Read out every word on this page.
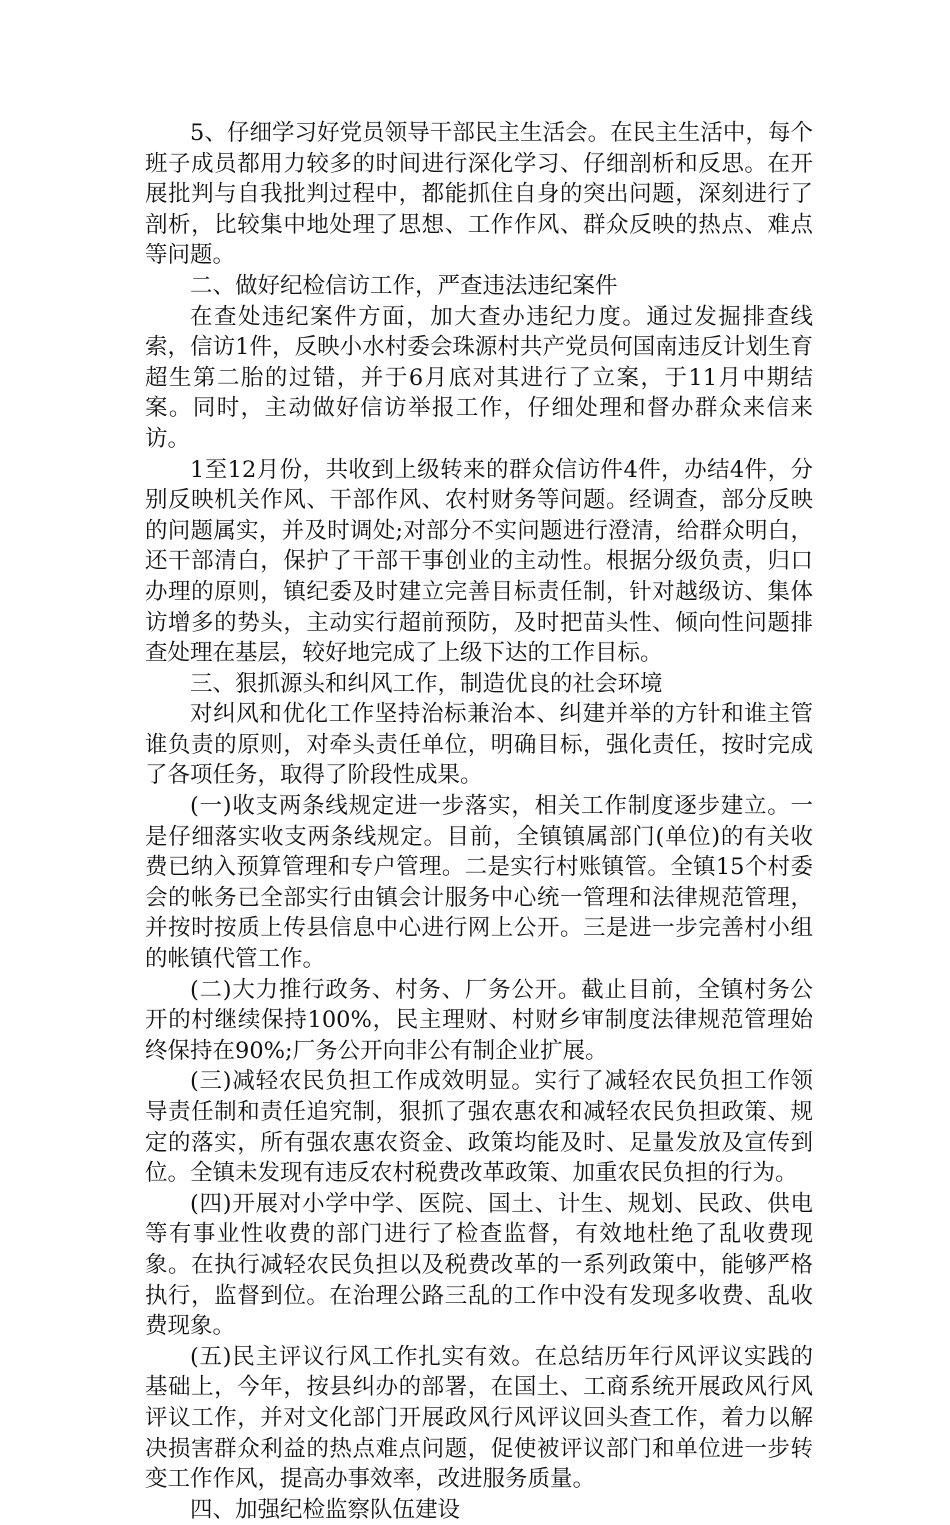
5、仔细学习好党员领导干部民主生活会。在民主生活中，每个班子成员都用力较多的时间进行深化学习、仔细剖析和反思。在开展批判与自我批判过程中，都能抓住自身的突出问题，深刻进行了剖析，比较集中地处理了思想、工作作风、群众反映的热点、难点等问题。

二、做好纪检信访工作，严查违法违纪案件

在查处违纪案件方面，加大查办违纪力度。通过发掘排查线索，信访1件，反映小水村委会珠源村共产党员何国南违反计划生育超生第二胎的过错，并于6月底对其进行了立案，于11月中期结案。同时，主动做好信访举报工作，仔细处理和督办群众来信来访。

1至12月份，共收到上级转来的群众信访件4件，办结4件，分别反映机关作风、干部作风、农村财务等问题。经调查，部分反映的问题属实，并及时调处;对部分不实问题进行澄清，给群众明白，还干部清白，保护了干部干事创业的主动性。根据分级负责，归口办理的原则，镇纪委及时建立完善目标责任制，针对越级访、集体访增多的势头，主动实行超前预防，及时把苗头性、倾向性问题排查处理在基层，较好地完成了上级下达的工作目标。

三、狠抓源头和纠风工作，制造优良的社会环境

对纠风和优化工作坚持治标兼治本、纠建并举的方针和谁主管谁负责的原则，对牵头责任单位，明确目标，强化责任，按时完成了各项任务，取得了阶段性成果。

(一)收支两条线规定进一步落实，相关工作制度逐步建立。一是仔细落实收支两条线规定。目前，全镇镇属部门(单位)的有关收费已纳入预算管理和专户管理。二是实行村账镇管。全镇15个村委会的帐务已全部实行由镇会计服务中心统一管理和法律规范管理，并按时按质上传县信息中心进行网上公开。三是进一步完善村小组的帐镇代管工作。

(二)大力推行政务、村务、厂务公开。截止目前，全镇村务公开的村继续保持100%，民主理财、村财乡审制度法律规范管理始终保持在90%;厂务公开向非公有制企业扩展。

(三)减轻农民负担工作成效明显。实行了减轻农民负担工作领导责任制和责任追究制，狠抓了强农惠农和减轻农民负担政策、规定的落实，所有强农惠农资金、政策均能及时、足量发放及宣传到位。全镇未发现有违反农村税费改革政策、加重农民负担的行为。

(四)开展对小学中学、医院、国土、计生、规划、民政、供电等有事业性收费的部门进行了检查监督，有效地杜绝了乱收费现象。在执行减轻农民负担以及税费改革的一系列政策中，能够严格执行，监督到位。在治理公路三乱的工作中没有发现多收费、乱收费现象。

(五)民主评议行风工作扎实有效。在总结历年行风评议实践的基础上，今年，按县纠办的部署，在国土、工商系统开展政风行风评议工作，并对文化部门开展政风行风评议回头查工作，着力以解决损害群众利益的热点难点问题，促使被评议部门和单位进一步转变工作作风，提高办事效率，改进服务质量。

四、加强纪检监察队伍建设
